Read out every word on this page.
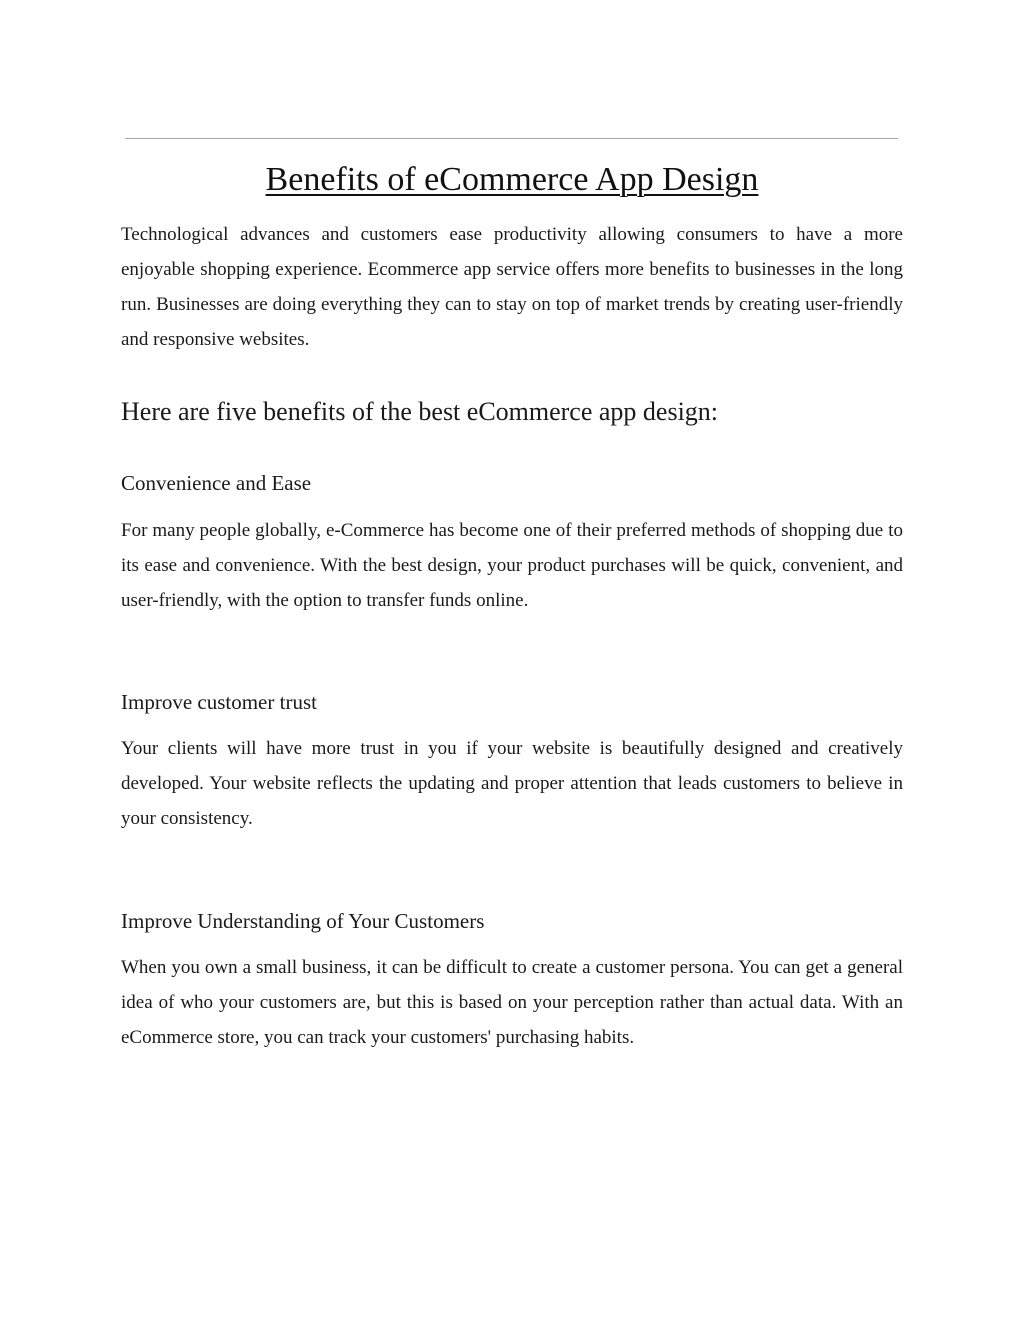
Benefits of eCommerce App Design

Technological advances and customers ease productivity allowing consumers to have a more enjoyable shopping experience. Ecommerce app service offers more benefits to businesses in the long run. Businesses are doing everything they can to stay on top of market trends by creating user-friendly and responsive websites.

Here are five benefits of the best eCommerce app design:
Convenience and Ease

For many people globally, e-Commerce has become one of their preferred methods of shopping due to its ease and convenience. With the best design, your product purchases will be quick, convenient, and user-friendly, with the option to transfer funds online.

Improve customer trust

Your clients will have more trust in you if your website is beautifully designed and creatively developed. Your website reflects the updating and proper attention that leads customers to believe in your consistency.

Improve Understanding of Your Customers

When you own a small business, it can be difficult to create a customer persona. You can get a general idea of who your customers are, but this is based on your perception rather than actual data. With an eCommerce store, you can track your customers' purchasing habits.
